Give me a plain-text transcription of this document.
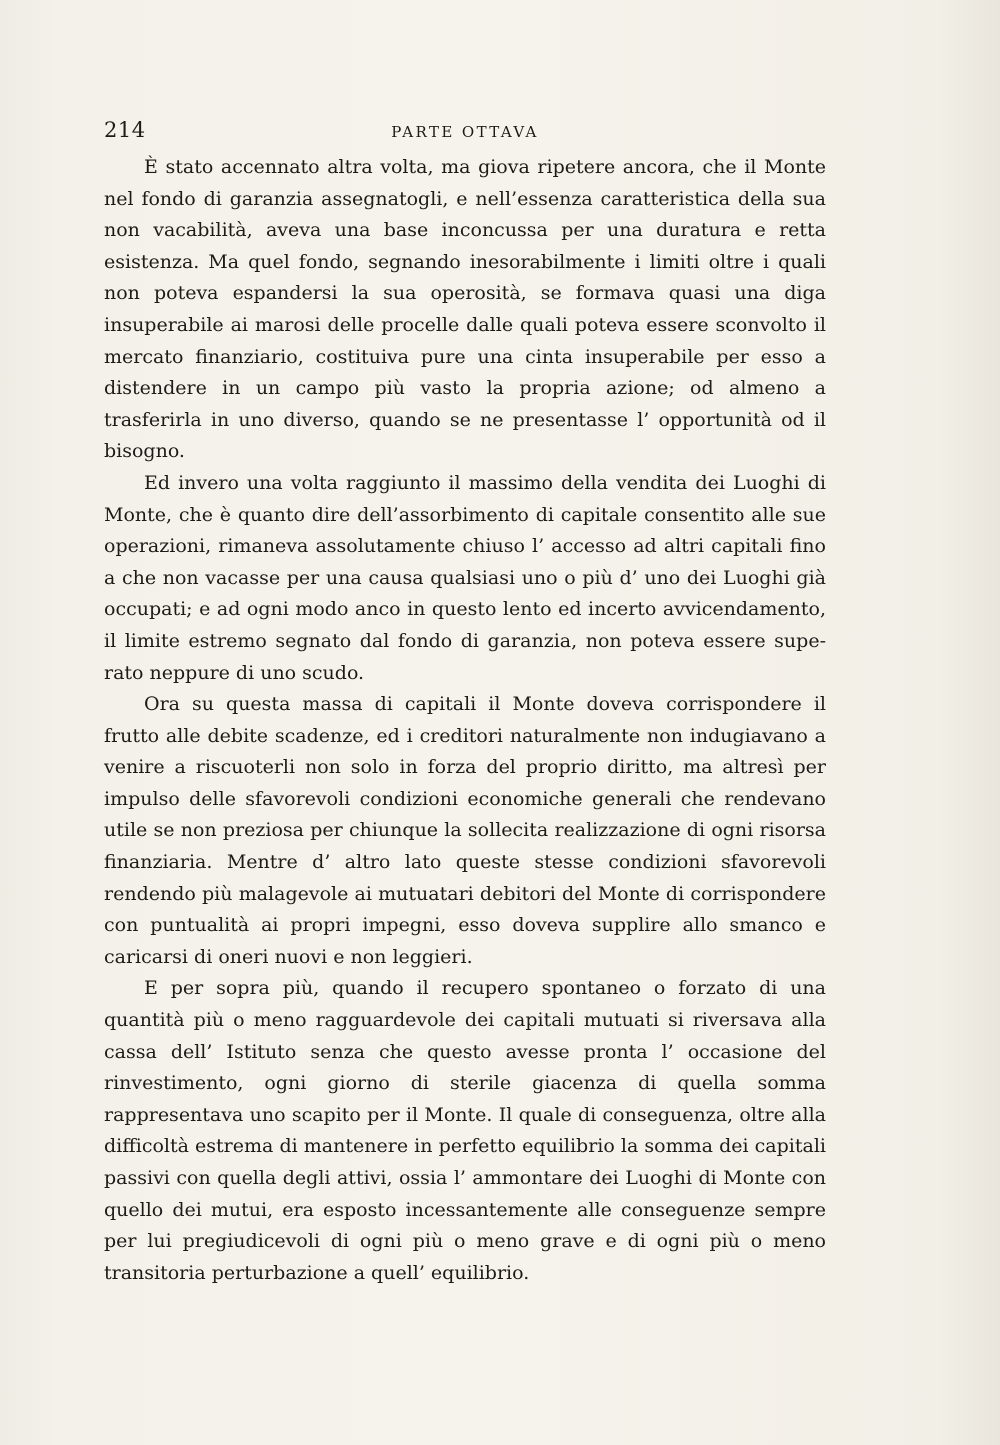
214	PARTE OTTAVA

È stato accennato altra volta, ma giova ripetere ancora, che il Monte nel fondo di garanzia assegnatogli, e nell’essenza caratteristica della sua non vacabilità, aveva una base inconcussa per una duratura e retta esistenza. Ma quel fondo, segnando inesorabilmente i limiti oltre i quali non poteva espandersi la sua operosità, se formava quasi una diga insuperabile ai marosi delle procelle dalle quali poteva essere sconvolto il mercato finanziario, costituiva pure una cinta insuperabile per esso a distendere in un campo più vasto la propria azione; od almeno a trasferirla in uno diverso, quando se ne presentasse l’ opportunità od il bisogno.

Ed invero una volta raggiunto il massimo della vendita dei Luoghi di Monte, che è quanto dire dell’assorbimento di capitale consentito alle sue operazioni, rimaneva assolutamente chiuso l’ accesso ad altri capitali fino a che non vacasse per una causa qualsiasi uno o più d’ uno dei Luoghi già occupati; e ad ogni modo anco in questo lento ed incerto avvicendamento, il limite estremo segnato dal fondo di garanzia, non poteva essere superato neppure di uno scudo.

Ora su questa massa di capitali il Monte doveva corrispondere il frutto alle debite scadenze, ed i creditori naturalmente non indugiavano a venire a riscuoterli non solo in forza del proprio diritto, ma altresì per impulso delle sfavorevoli condizioni economiche generali che rendevano utile se non preziosa per chiunque la sollecita realizzazione di ogni risorsa finanziaria. Mentre d’ altro lato queste stesse condizioni sfavorevoli rendendo più malagevole ai mutuatari debitori del Monte di corrispondere con puntualità ai propri impegni, esso doveva supplire allo smanco e caricarsi di oneri nuovi e non leggieri.

E per sopra più, quando il recupero spontaneo o forzato di una quantità più o meno ragguardevole dei capitali mutuati si riversava alla cassa dell’ Istituto senza che questo avesse pronta l’ occasione del rinvestimento, ogni giorno di sterile giacenza di quella somma rappresentava uno scapito per il Monte. Il quale di conseguenza, oltre alla difficoltà estrema di mantenere in perfetto equilibrio la somma dei capitali passivi con quella degli attivi, ossia l’ ammontare dei Luoghi di Monte con quello dei mutui, era esposto incessantemente alle conseguenze sempre per lui pregiudicevoli di ogni più o meno grave e di ogni più o meno transitoria perturbazione a quell’ equilibrio.
